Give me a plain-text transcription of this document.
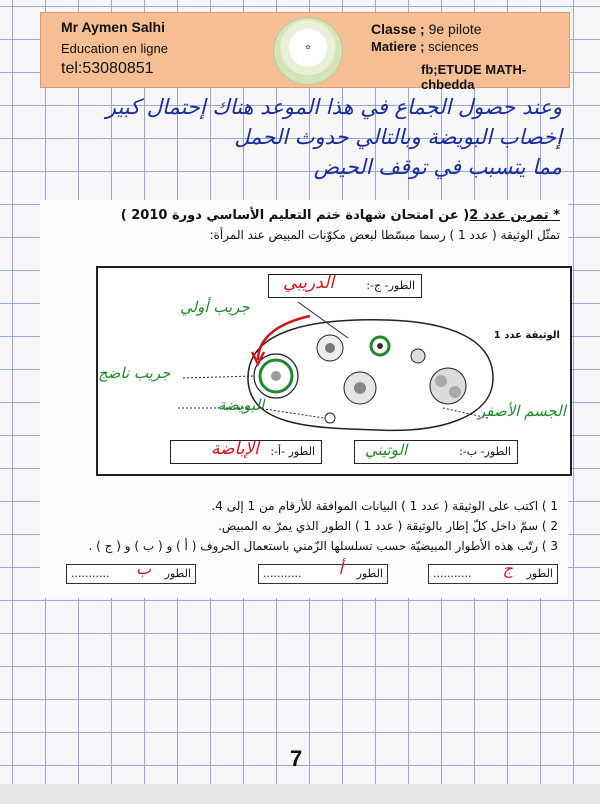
Mr Aymen Salhi
Education en ligne
tel:53080851
✿
Classe ; 9e pilote
Matiere ; sciences
fb;ETUDE MATH-chbedda
وعند حصول الجماع في هذا الموعد هناك إحتمال كبير
إخصاب البويضة وبالتالي حدوث الحمل
مما يتسبب في توقف الحيض
* تمرين عدد 2( عن امتحان شهادة ختم التعليم الأساسي دورة 2010 )
تمثّل الوثيقة ( عدد 1 ) رسما مبسّطا لبعض مكوّنات المبيض عند المرأة:
الطور- ج-:
الدريبي
الطور -أ-:
الإباضة	الطور- ب-:
الوتيني
جريب أولي
جريب ناضج
البويضة	الجسم الأصفر
الوثيقة عدد 1
1 ) اكتب على الوثيقة ( عدد 1 ) البيانات الموافقة للأرقام من 1 إلى 4.
2 ) سمّ داخل كلّ إطار بالوثيقة ( عدد 1 ) الطور الذي يمرّ به المبيض.
3 ) رتّب هذه الأطوار المبيضيّة حسب تسلسلها الزّمني باستعمال الحروف ( أ ) و ( ب ) و ( ج ) .
الطور
........... ج
الطور
........... أ
الطور
........... ب
7
